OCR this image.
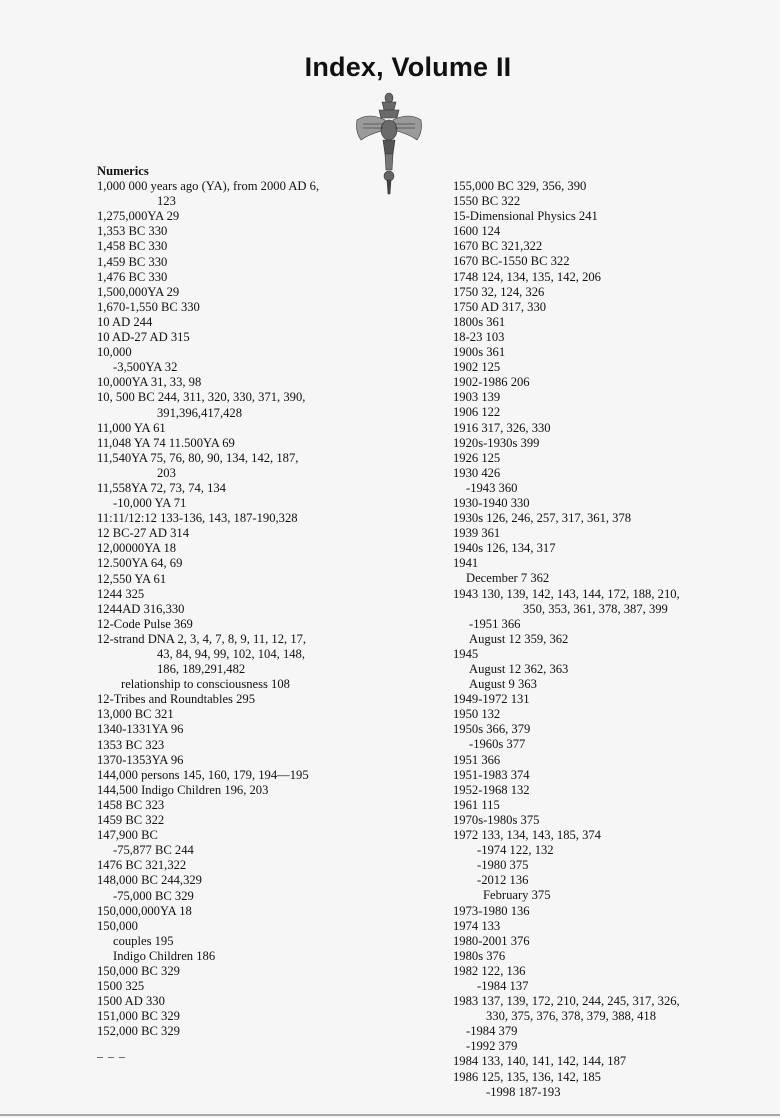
Index, Volume II
Numerics
1,000 000 years ago (YA), from 2000 AD 6,
123
1,275,000YA 29
1,353 BC 330
1,458 BC 330
1,459 BC 330
1,476 BC 330
1,500,000YA 29
1,670-1,550 BC 330
10 AD 244
10 AD-27 AD 315
10,000
-3,500YA 32
10,000YA 31, 33, 98
10, 500 BC 244, 311, 320, 330, 371, 390,
391,396,417,428
11,000 YA 61
11,048 YA 74 11.500YA 69
11,540YA 75, 76, 80, 90, 134, 142, 187,
203
11,558YA 72, 73, 74, 134
-10,000 YA 71
11:11/12:12 133-136, 143, 187-190,328
12 BC-27 AD 314
12,00000YA 18
12.500YA 64, 69
12,550 YA 61
1244 325
1244AD 316,330
12-Code Pulse 369
12-strand DNA 2, 3, 4, 7, 8, 9, 11, 12, 17,
43, 84, 94, 99, 102, 104, 148,
186, 189,291,482
relationship to consciousness 108
12-Tribes and Roundtables 295
13,000 BC 321
1340-1331YA 96
1353 BC 323
1370-1353YA 96
144,000 persons 145, 160, 179, 194—195
144,500 Indigo Children 196, 203
1458 BC 323
1459 BC 322
147,900 BC
-75,877 BC 244
1476 BC 321,322
148,000 BC 244,329
-75,000 BC 329
150,000,000YA 18
150,000
couples 195
Indigo Children 186
150,000 BC 329
1500 325
1500 AD 330
151,000 BC 329
152,000 BC 329
155,000 BC 329, 356, 390
1550 BC 322
15-Dimensional Physics 241
1600 124
1670 BC 321,322
1670 BC-1550 BC 322
1748 124, 134, 135, 142, 206
1750 32, 124, 326
1750 AD 317, 330
1800s 361
18-23 103
1900s 361
1902 125
1902-1986 206
1903 139
1906 122
1916 317, 326, 330
1920s-1930s 399
1926 125
1930 426
-1943 360
1930-1940 330
1930s 126, 246, 257, 317, 361, 378
1939 361
1940s 126, 134, 317
1941
December 7 362
1943 130, 139, 142, 143, 144, 172, 188, 210,
350, 353, 361, 378, 387, 399
-1951 366
August 12 359, 362
1945
August 12 362, 363
August 9 363
1949-1972 131
1950 132
1950s 366, 379
-1960s 377
1951 366
1951-1983 374
1952-1968 132
1961 115
1970s-1980s 375
1972 133, 134, 143, 185, 374
-1974 122, 132
-1980 375
-2012 136
February 375
1973-1980 136
1974 133
1980-2001 376
1980s 376
1982 122, 136
-1984 137
1983 137, 139, 172, 210, 244, 245, 317, 326,
330, 375, 376, 378, 379, 388, 418
-1984 379
-1992 379
1984 133, 140, 141, 142, 144, 187
1986 125, 135, 136, 142, 185
-1998 187-193
– – –
